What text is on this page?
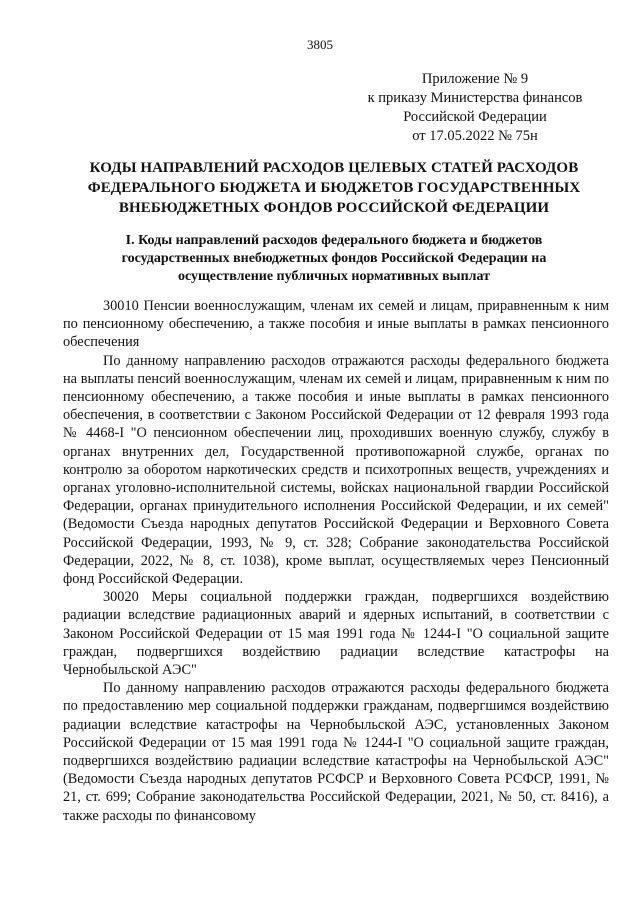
3805
Приложение № 9
к приказу Министерства финансов
Российской Федерации
от 17.05.2022 № 75н
КОДЫ НАПРАВЛЕНИЙ РАСХОДОВ ЦЕЛЕВЫХ СТАТЕЙ РАСХОДОВ
ФЕДЕРАЛЬНОГО БЮДЖЕТА И БЮДЖЕТОВ ГОСУДАРСТВЕННЫХ
ВНЕБЮДЖЕТНЫХ ФОНДОВ РОССИЙСКОЙ ФЕДЕРАЦИИ
I. Коды направлений расходов федерального бюджета и бюджетов
государственных внебюджетных фондов Российской Федерации на
осуществление публичных нормативных выплат

30010 Пенсии военнослужащим, членам их семей и лицам, приравненным к ним по пенсионному обеспечению, а также пособия и иные выплаты в рамках пенсионного обеспечения

По данному направлению расходов отражаются расходы федерального бюджета на выплаты пенсий военнослужащим, членам их семей и лицам, приравненным к ним по пенсионному обеспечению, а также пособия и иные выплаты в рамках пенсионного обеспечения, в соответствии с Законом Российской Федерации от 12 февраля 1993 года № 4468-I "О пенсионном обеспечении лиц, проходивших военную службу, службу в органах внутренних дел, Государственной противопожарной службе, органах по контролю за оборотом наркотических средств и психотропных веществ, учреждениях и органах уголовно-исполнительной системы, войсках национальной гвардии Российской Федерации, органах принудительного исполнения Российской Федерации, и их семей" (Ведомости Съезда народных депутатов Российской Федерации и Верховного Совета Российской Федерации, 1993, № 9, ст. 328; Собрание законодательства Российской Федерации, 2022, № 8, ст. 1038), кроме выплат, осуществляемых через Пенсионный фонд Российской Федерации.

30020 Меры социальной поддержки граждан, подвергшихся воздействию радиации вследствие радиационных аварий и ядерных испытаний, в соответствии с Законом Российской Федерации от 15 мая 1991 года № 1244-I "О социальной защите граждан, подвергшихся воздействию радиации вследствие катастрофы на Чернобыльской АЭС"

По данному направлению расходов отражаются расходы федерального бюджета по предоставлению мер социальной поддержки гражданам, подвергшимся воздействию радиации вследствие катастрофы на Чернобыльской АЭС, установленных Законом Российской Федерации от 15 мая 1991 года № 1244-I "О социальной защите граждан, подвергшихся воздействию радиации вследствие катастрофы на Чернобыльской АЭС" (Ведомости Съезда народных депутатов РСФСР и Верховного Совета РСФСР, 1991, № 21, ст. 699; Собрание законодательства Российской Федерации, 2021, № 50, ст. 8416), а также расходы по финансовому
